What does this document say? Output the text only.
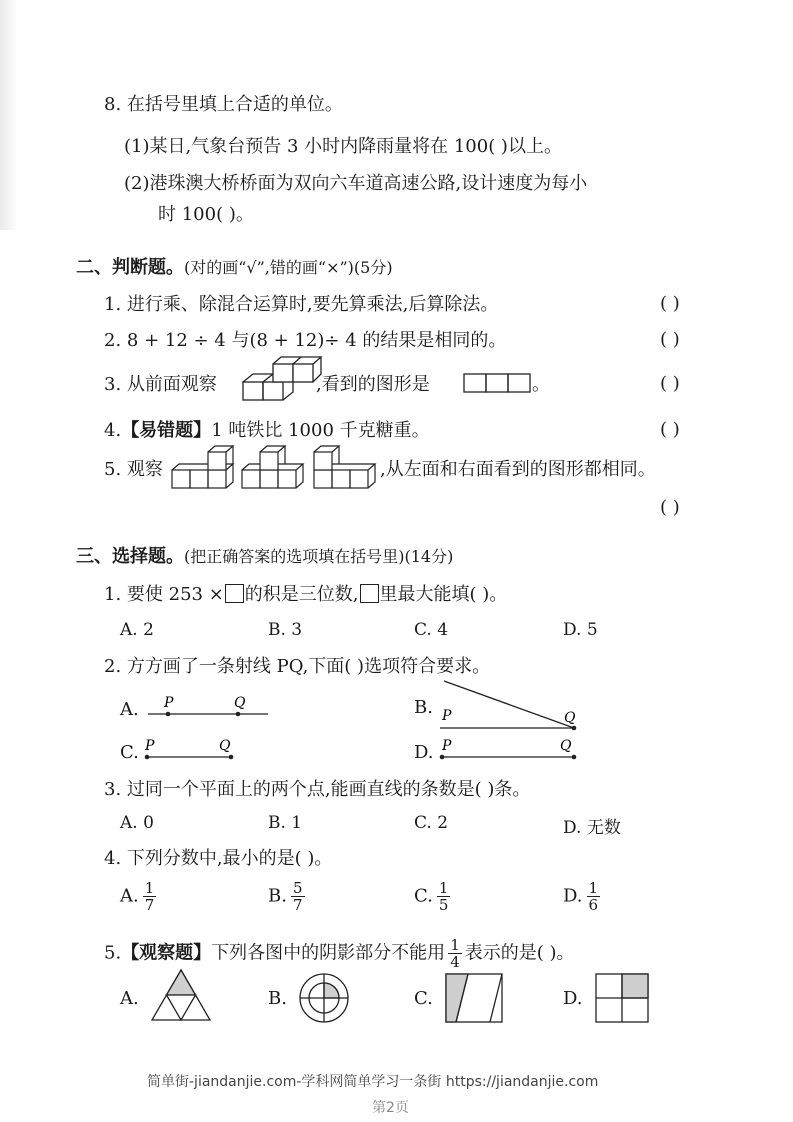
8. 在括号里填上合适的单位。
(1)某日,气象台预告 3 小时内降雨量将在 100( )以上。
(2)港珠澳大桥桥面为双向六车道高速公路,设计速度为每小
时 100( )。
二、判断题。(对的画“√”,错的画“×”)(5分)
1. 进行乘、除混合运算时,要先算乘法,后算除法。	( )
2. 8 + 12 ÷ 4 与(8 + 12)÷ 4 的结果是相同的。	( )
3. 从前面观察	,看到的图形是	。	( )
4.【易错题】1 吨铁比 1000 千克糖重。	( )
5. 观察	,从左面和右面看到的图形都相同。
( )
三、选择题。(把正确答案的选项填在括号里)(14分)
1. 要使 253 × 的积是三位数, 里最大能填( )。
A. 2	B. 3	C. 4	D. 5
2. 方方画了一条射线 PQ,下面( )选项符合要求。
A. P	Q	B. P	Q
C. P	Q	D. P	Q
3. 过同一个平面上的两个点,能画直线的条数是( )条。
A. 0	B. 1	C. 2	D. 无数
4. 下列分数中,最小的是( )。
A. $\frac{1}{7}$	B. $\frac{5}{7}$	C. $\frac{1}{5}$	D. $\frac{1}{6}$
5.【观察题】下列各图中的阴影部分不能用 $\frac{1}{4}$ 表示的是( )。
A.	B.	C.	D.
简单街-jiandanjie.com-学科网简单学习一条街 https://jiandanjie.com
第2页
